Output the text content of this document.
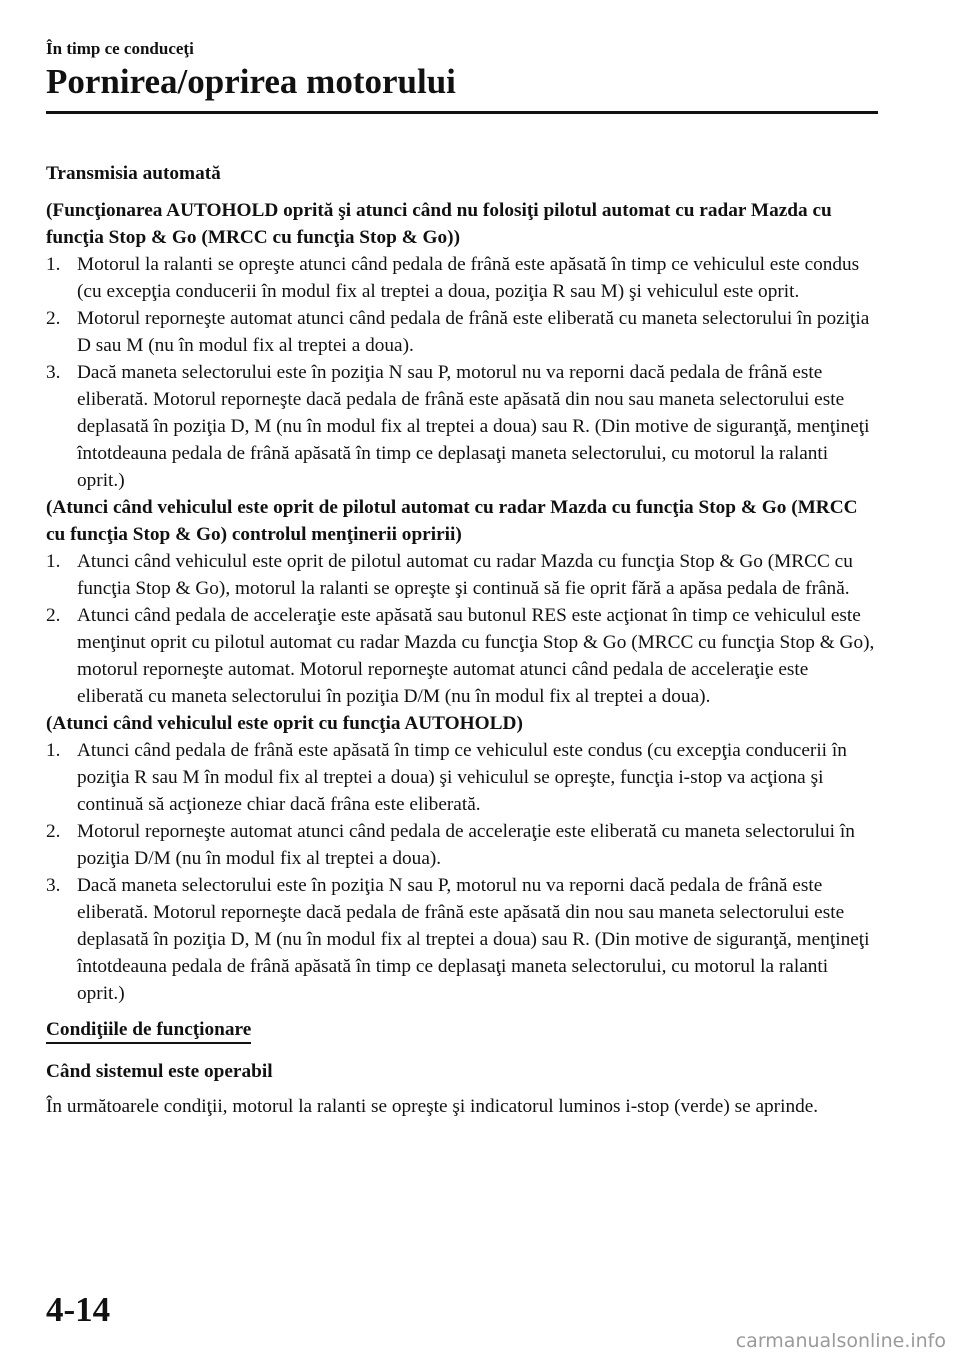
În timp ce conduceţi

Pornirea/oprirea motorului

Transmisia automată

(Funcţionarea AUTOHOLD oprită şi atunci când nu folosiţi pilotul automat cu radar Mazda cu funcţia Stop & Go (MRCC cu funcţia Stop & Go))

1. Motorul la ralanti se opreşte atunci când pedala de frână este apăsată în timp ce vehiculul este condus (cu excepţia conducerii în modul fix al treptei a doua, poziţia R sau M) şi vehiculul este oprit.
2. Motorul reporneşte automat atunci când pedala de frână este eliberată cu maneta selectorului în poziţia D sau M (nu în modul fix al treptei a doua).
3. Dacă maneta selectorului este în poziţia N sau P, motorul nu va reporni dacă pedala de frână este eliberată. Motorul reporneşte dacă pedala de frână este apăsată din nou sau maneta selectorului este deplasată în poziţia D, M (nu în modul fix al treptei a doua) sau R. (Din motive de siguranţă, menţineţi întotdeauna pedala de frână apăsată în timp ce deplasaţi maneta selectorului, cu motorul la ralanti oprit.)

(Atunci când vehiculul este oprit de pilotul automat cu radar Mazda cu funcţia Stop & Go (MRCC cu funcţia Stop & Go) controlul menţinerii opririi)

1. Atunci când vehiculul este oprit de pilotul automat cu radar Mazda cu funcţia Stop & Go (MRCC cu funcţia Stop & Go), motorul la ralanti se opreşte şi continuă să fie oprit fără a apăsa pedala de frână.
2. Atunci când pedala de acceleraţie este apăsată sau butonul RES este acţionat în timp ce vehiculul este menţinut oprit cu pilotul automat cu radar Mazda cu funcţia Stop & Go (MRCC cu funcţia Stop & Go), motorul reporneşte automat. Motorul reporneşte automat atunci când pedala de acceleraţie este eliberată cu maneta selectorului în poziţia D/M (nu în modul fix al treptei a doua).

(Atunci când vehiculul este oprit cu funcţia AUTOHOLD)

1. Atunci când pedala de frână este apăsată în timp ce vehiculul este condus (cu excepţia conducerii în poziţia R sau M în modul fix al treptei a doua) şi vehiculul se opreşte, funcţia i-stop va acţiona şi continuă să acţioneze chiar dacă frâna este eliberată.
2. Motorul reporneşte automat atunci când pedala de acceleraţie este eliberată cu maneta selectorului în poziţia D/M (nu în modul fix al treptei a doua).
3. Dacă maneta selectorului este în poziţia N sau P, motorul nu va reporni dacă pedala de frână este eliberată. Motorul reporneşte dacă pedala de frână este apăsată din nou sau maneta selectorului este deplasată în poziţia D, M (nu în modul fix al treptei a doua) sau R. (Din motive de siguranţă, menţineţi întotdeauna pedala de frână apăsată în timp ce deplasaţi maneta selectorului, cu motorul la ralanti oprit.)
Condiţiile de funcţionare

Când sistemul este operabil

În următoarele condiţii, motorul la ralanti se opreşte şi indicatorul luminos i-stop (verde) se aprinde.

4-14

carmanualsonline.info
